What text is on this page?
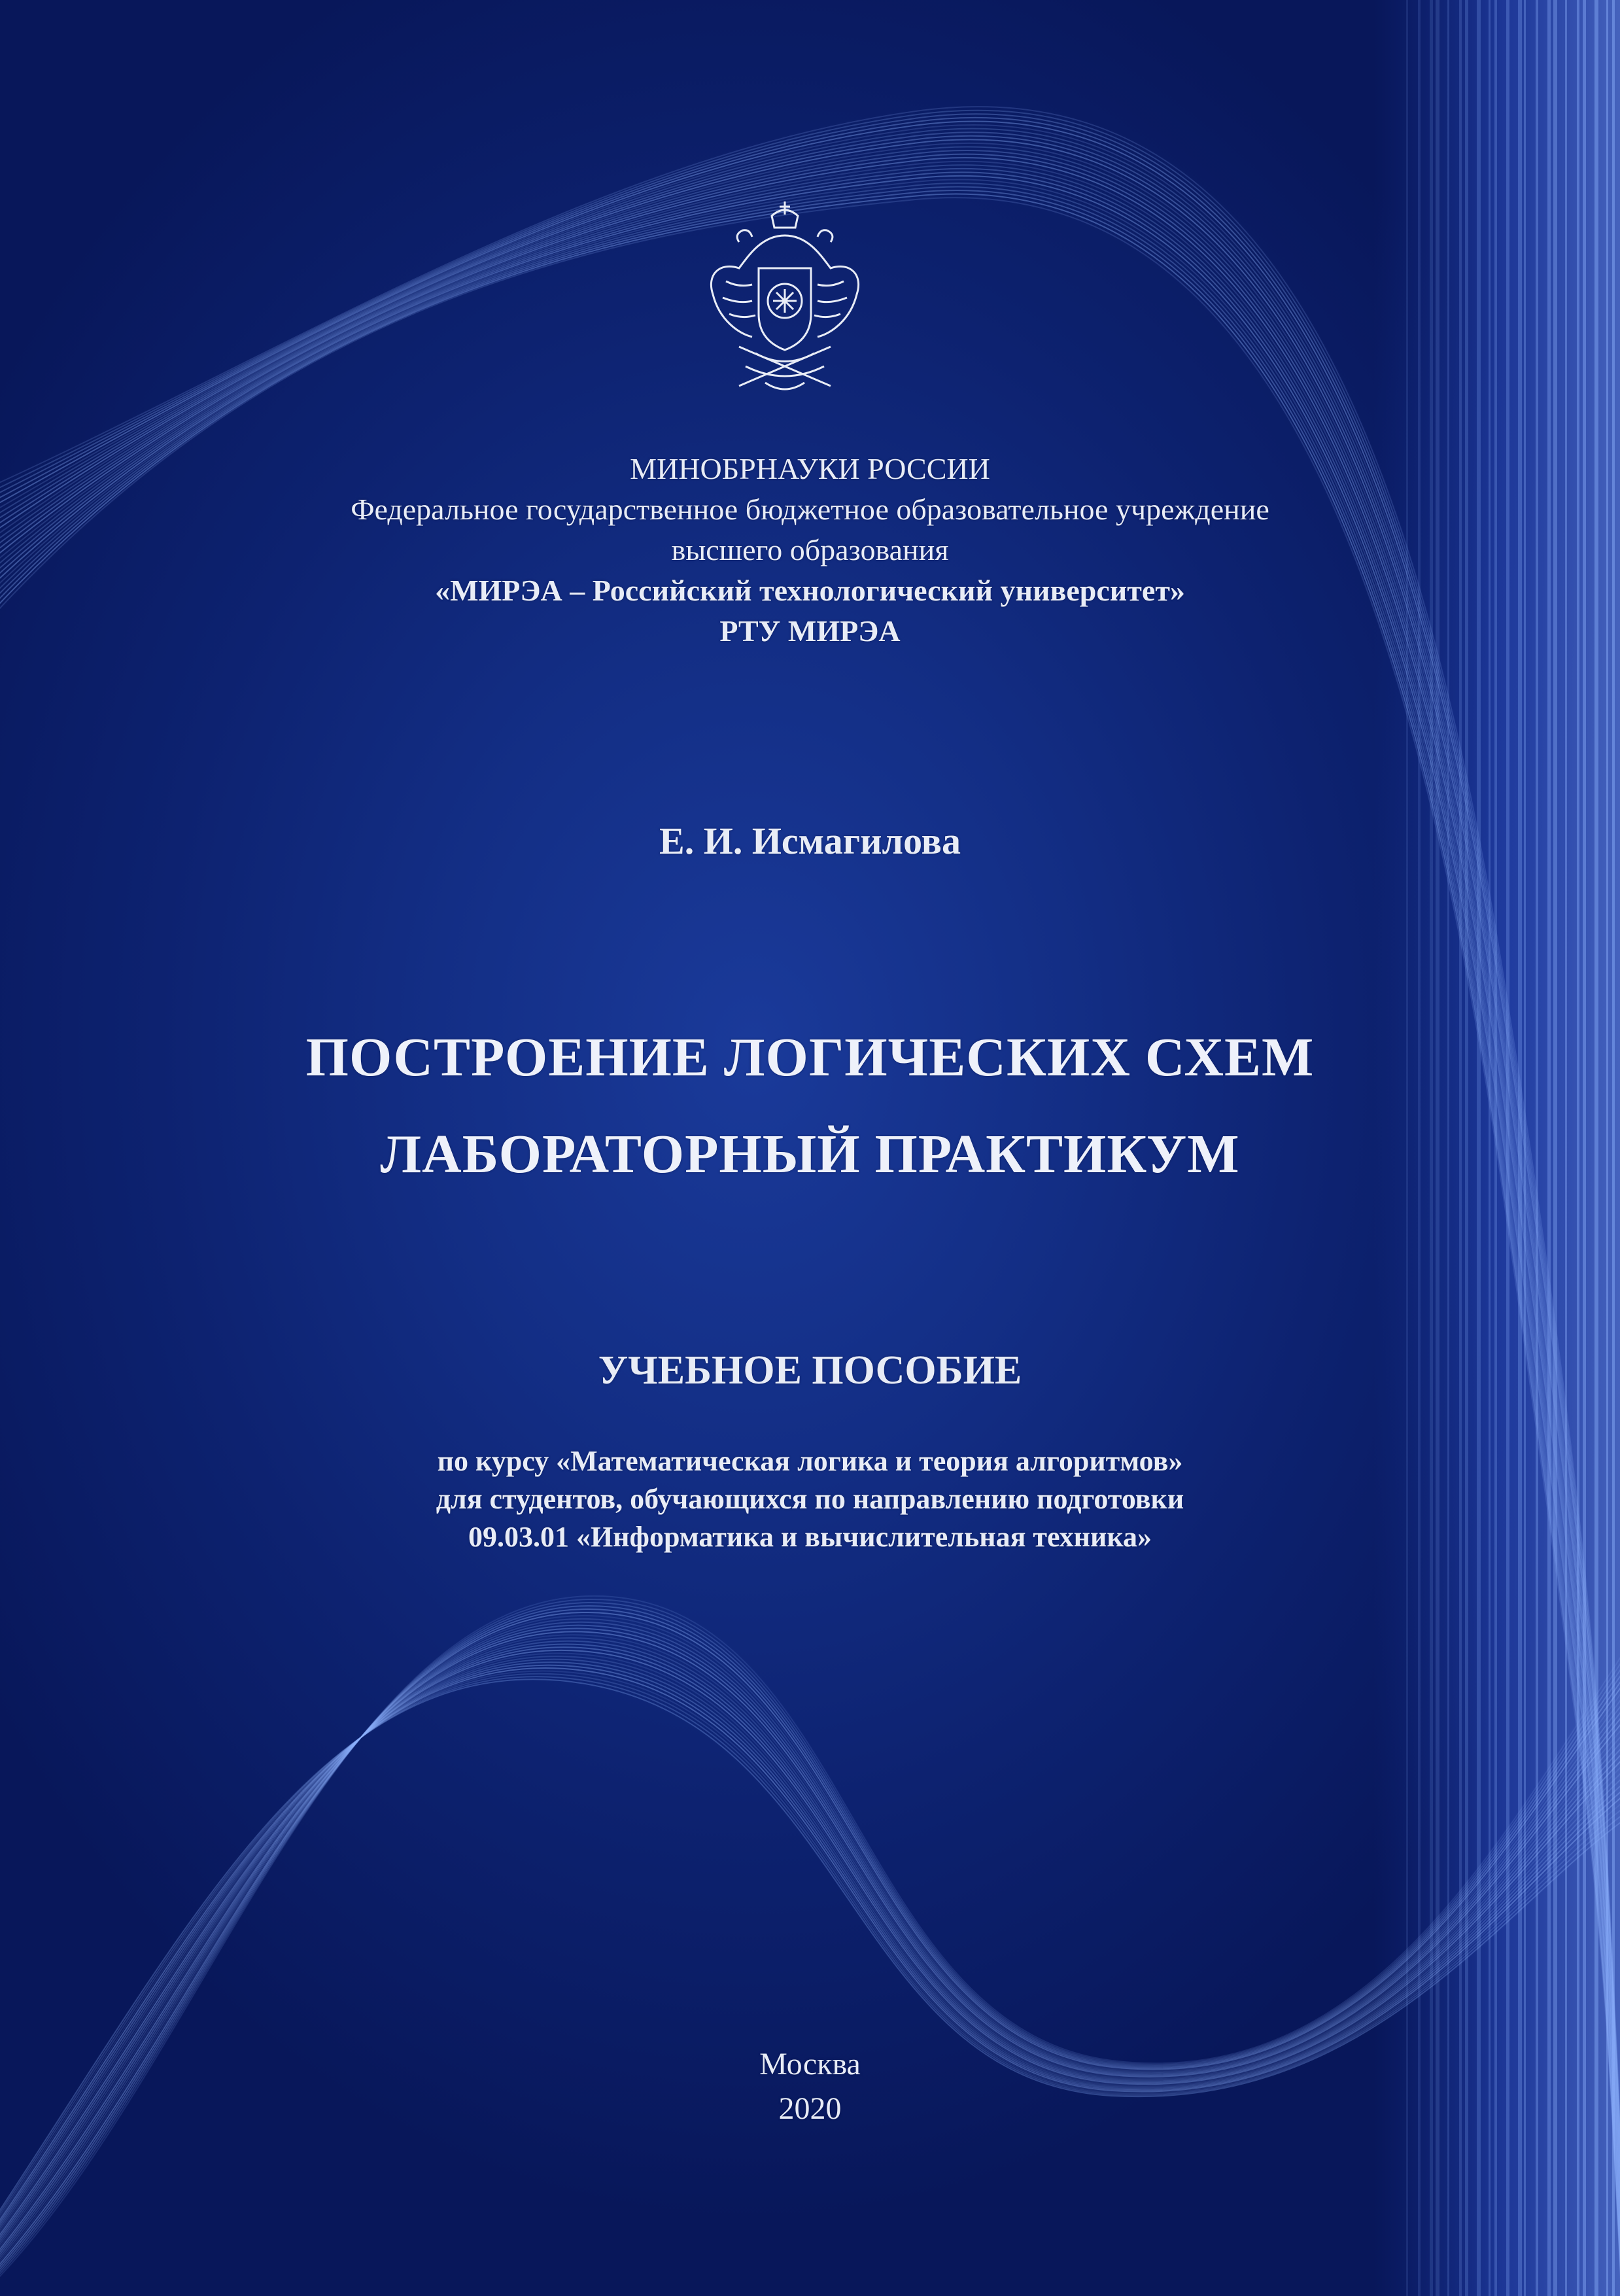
МИНОБРНАУКИ РОССИИ
Федеральное государственное бюджетное образовательное учреждение
высшего образования
«МИРЭА – Российский технологический университет»
РТУ МИРЭА
Е. И. Исмагилова
ПОСТРОЕНИЕ ЛОГИЧЕСКИХ СХЕМ
ЛАБОРАТОРНЫЙ ПРАКТИКУМ
УЧЕБНОЕ ПОСОБИЕ
по курсу «Математическая логика и теория алгоритмов»
для студентов, обучающихся по направлению подготовки
09.03.01 «Информатика и вычислительная техника»
Москва
2020
